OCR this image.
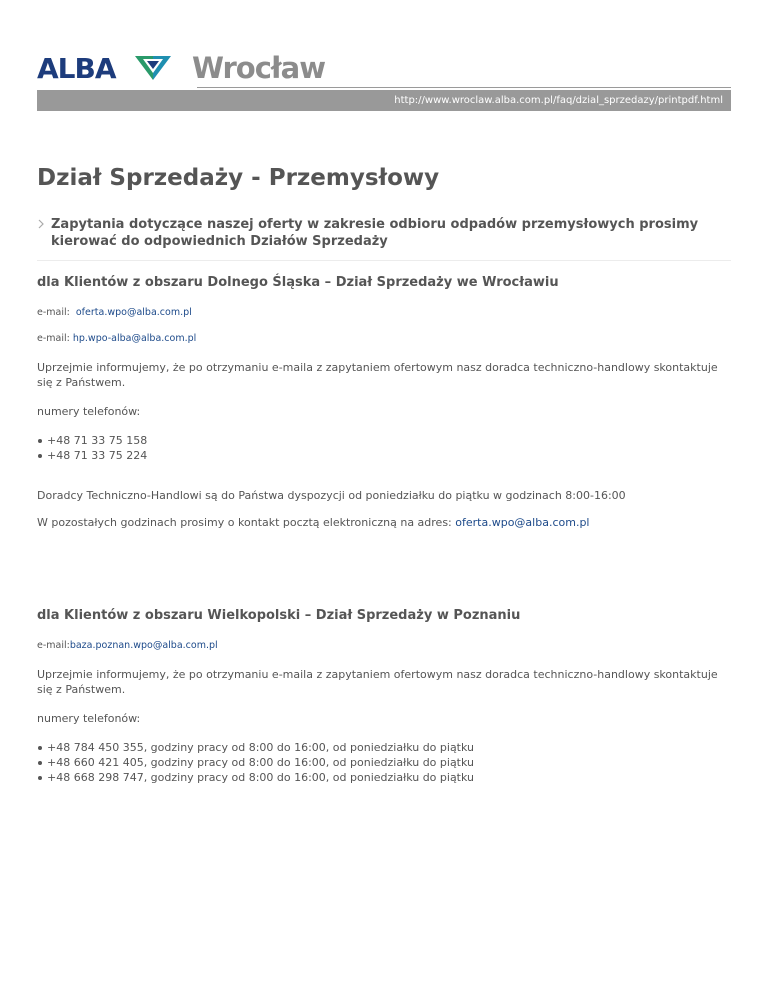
ALBA	Wrocław
http://www.wroclaw.alba.com.pl/faq/dzial_sprzedazy/printpdf.html
Dział Sprzedaży - Przemysłowy

Zapytania dotyczące naszej oferty w zakresie odbioru odpadów przemysłowych prosimy kierować do odpowiednich Działów Sprzedaży

dla Klientów z obszaru Dolnego Śląska – Dział Sprzedaży we Wrocławiu

e-mail: oferta.wpo@alba.com.pl

e-mail: hp.wpo-alba@alba.com.pl

Uprzejmie informujemy, że po otrzymaniu e-maila z zapytaniem ofertowym nasz doradca techniczno-handlowy skontaktuje się z Państwem.

numery telefonów:

+48 71 33 75 158
+48 71 33 75 224

Doradcy Techniczno-Handlowi są do Państwa dyspozycji od poniedziałku do piątku w godzinach 8:00-16:00

W pozostałych godzinach prosimy o kontakt pocztą elektroniczną na adres: oferta.wpo@alba.com.pl

dla Klientów z obszaru Wielkopolski – Dział Sprzedaży w Poznaniu

e-mail:baza.poznan.wpo@alba.com.pl

Uprzejmie informujemy, że po otrzymaniu e-maila z zapytaniem ofertowym nasz doradca techniczno-handlowy skontaktuje się z Państwem.

numery telefonów:

+48 784 450 355, godziny pracy od 8:00 do 16:00, od poniedziałku do piątku
+48 660 421 405, godziny pracy od 8:00 do 16:00, od poniedziałku do piątku
+48 668 298 747, godziny pracy od 8:00 do 16:00, od poniedziałku do piątku
